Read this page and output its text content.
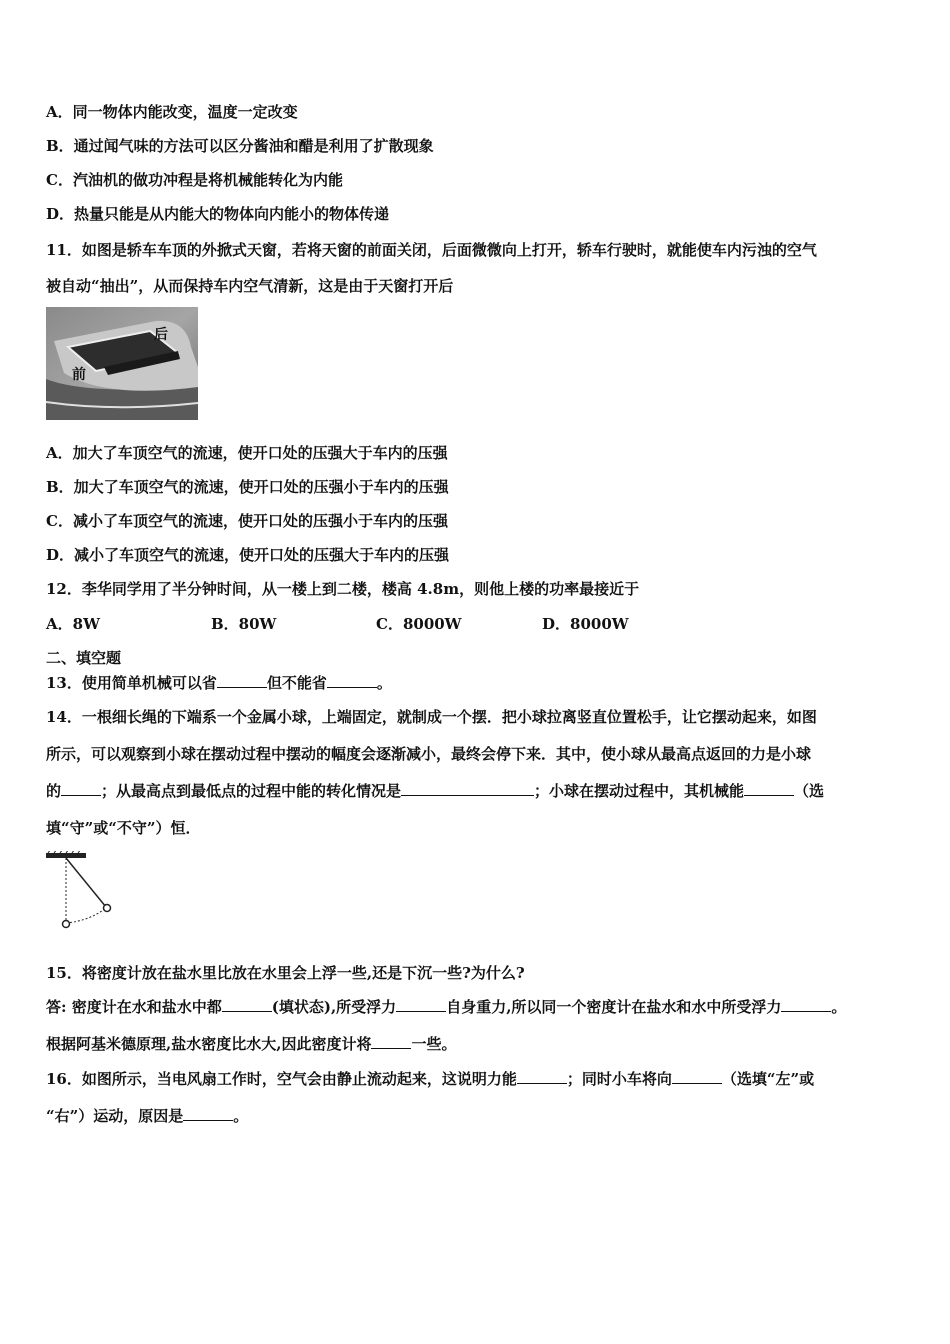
A．同一物体内能改变，温度一定改变
B．通过闻气味的方法可以区分酱油和醋是利用了扩散现象
C．汽油机的做功冲程是将机械能转化为内能
D．热量只能是从内能大的物体向内能小的物体传递
11．如图是轿车车顶的外掀式天窗，若将天窗的前面关闭，后面微微向上打开，轿车行驶时，就能使车内污浊的空气
被自动“抽出”，从而保持车内空气清新，这是由于天窗打开后
后
前
A．加大了车顶空气的流速，使开口处的压强大于车内的压强
B．加大了车顶空气的流速，使开口处的压强小于车内的压强
C．减小了车顶空气的流速，使开口处的压强小于车内的压强
D．减小了车顶空气的流速，使开口处的压强大于车内的压强
12．李华同学用了半分钟时间，从一楼上到二楼，楼高 4.8m，则他上楼的功率最接近于
A．8W	B．80W	C．8000W	D．8000W
二、填空题
13．使用简单机械可以省	但不能省	。
14．一根细长绳的下端系一个金属小球，上端固定，就制成一个摆．把小球拉离竖直位置松手，让它摆动起来，如图
所示，可以观察到小球在摆动过程中摆动的幅度会逐渐减小，最终会停下来．其中，使小球从最高点返回的力是小球
的	；从最高点到最低点的过程中能的转化情况是	；小球在摆动过程中，其机械能	（选
填“守”或“不守”）恒．
15．将密度计放在盐水里比放在水里会上浮一些,还是下沉一些?为什么?
答: 密度计在水和盐水中都	(填状态),所受浮力	自身重力,所以同一个密度计在盐水和水中所受浮力	。
根据阿基米德原理,盐水密度比水大,因此密度计将	一些。
16．如图所示，当电风扇工作时，空气会由静止流动起来，这说明力能	；同时小车将向	（选填“左”或
“右”）运动，原因是	。
